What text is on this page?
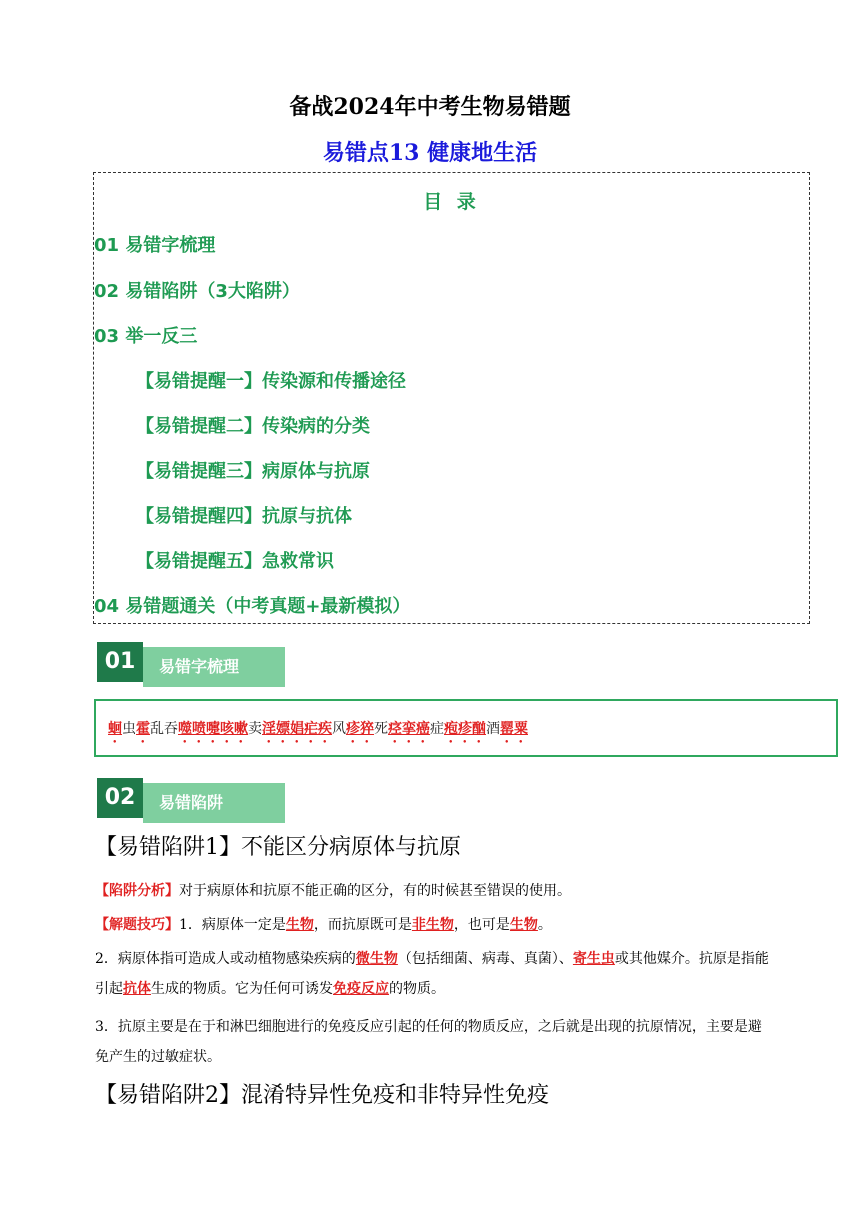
备战2024年中考生物易错题
易错点13 健康地生活
目 录
01 易错字梳理
02 易错陷阱（3大陷阱）
03 举一反三
【易错提醒一】传染源和传播途径
【易错提醒二】传染病的分类
【易错提醒三】病原体与抗原
【易错提醒四】抗原与抗体
【易错提醒五】急救常识
04 易错题通关（中考真题+最新模拟）
01	易错字梳理
蛔虫霍乱吞噬喷嚏咳嗽卖淫嫖娼疟疾风疹猝死痉挛癌症疱疹酗酒罂粟
02	易错陷阱
【易错陷阱1】不能区分病原体与抗原
【陷阱分析】对于病原体和抗原不能正确的区分，有的时候甚至错误的使用。
【解题技巧】1．病原体一定是生物，而抗原既可是非生物，也可是生物。
2．病原体指可造成人或动植物感染疾病的微生物（包括细菌、病毒、真菌）、寄生虫或其他媒介。抗原是指能引起抗体生成的物质。它为任何可诱发免疫反应的物质。
3．抗原主要是在于和淋巴细胞进行的免疫反应引起的任何的物质反应，之后就是出现的抗原情况，主要是避免产生的过敏症状。
【易错陷阱2】混淆特异性免疫和非特异性免疫
